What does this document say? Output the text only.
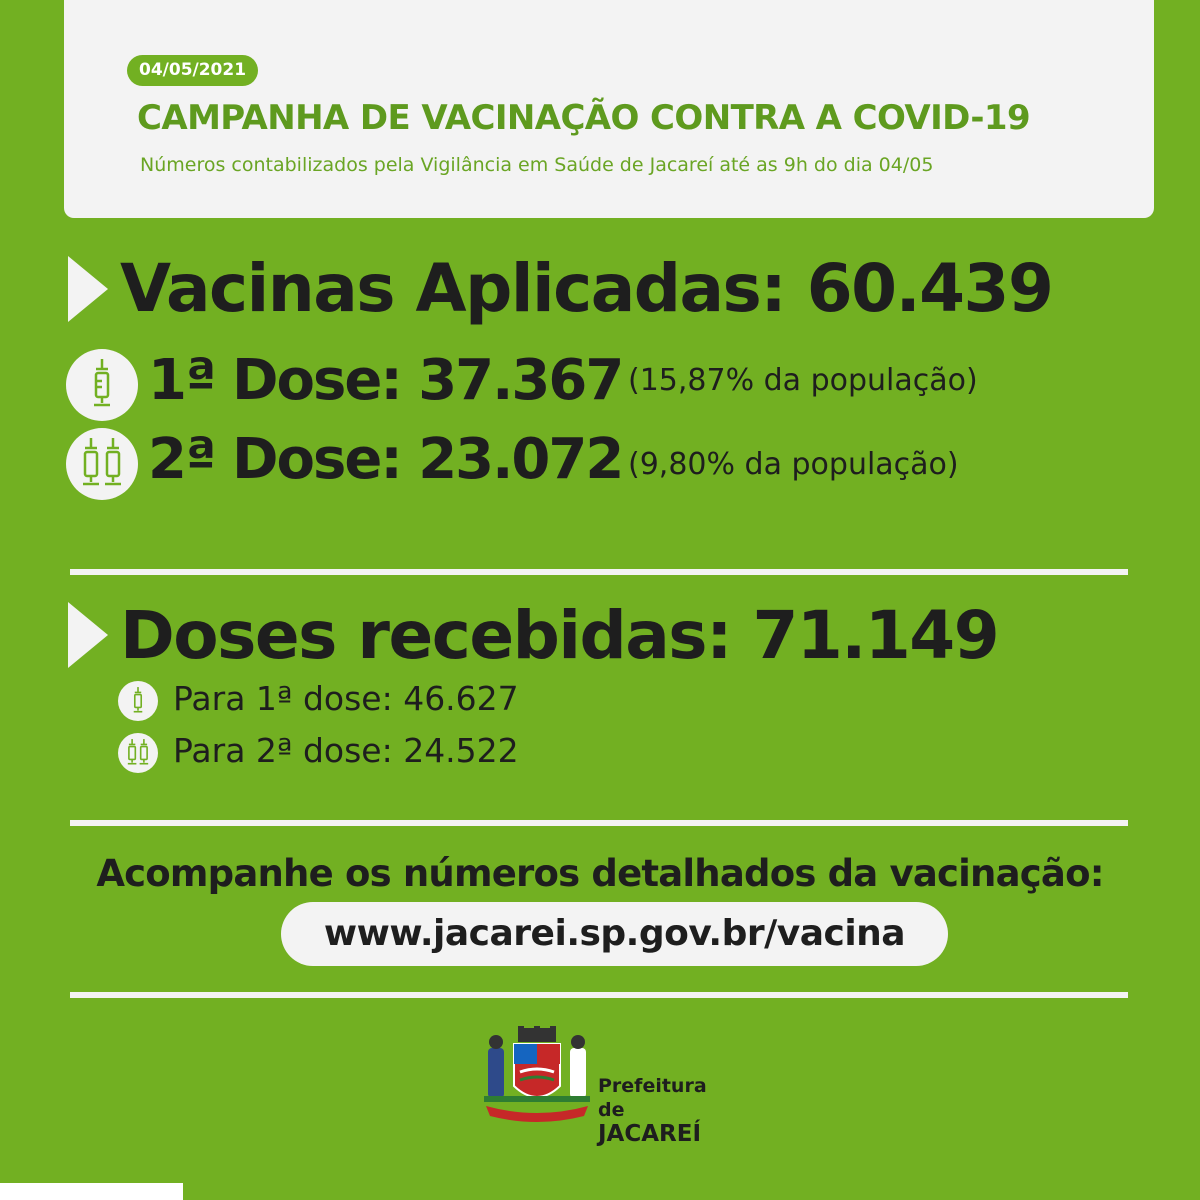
04/05/2021
CAMPANHA DE VACINAÇÃO CONTRA A COVID-19
Números contabilizados pela Vigilância em Saúde de Jacareí até as 9h do dia 04/05
Vacinas Aplicadas: 60.439
1ª Dose: 37.367 (15,87% da população)
2ª Dose: 23.072 (9,80% da população)
Doses recebidas: 71.149
Para 1ª dose: 46.627
Para 2ª dose: 24.522
Acompanhe os números detalhados da vacinação:
www.jacarei.sp.gov.br/vacina
Prefeitura de
JACAREÍ
